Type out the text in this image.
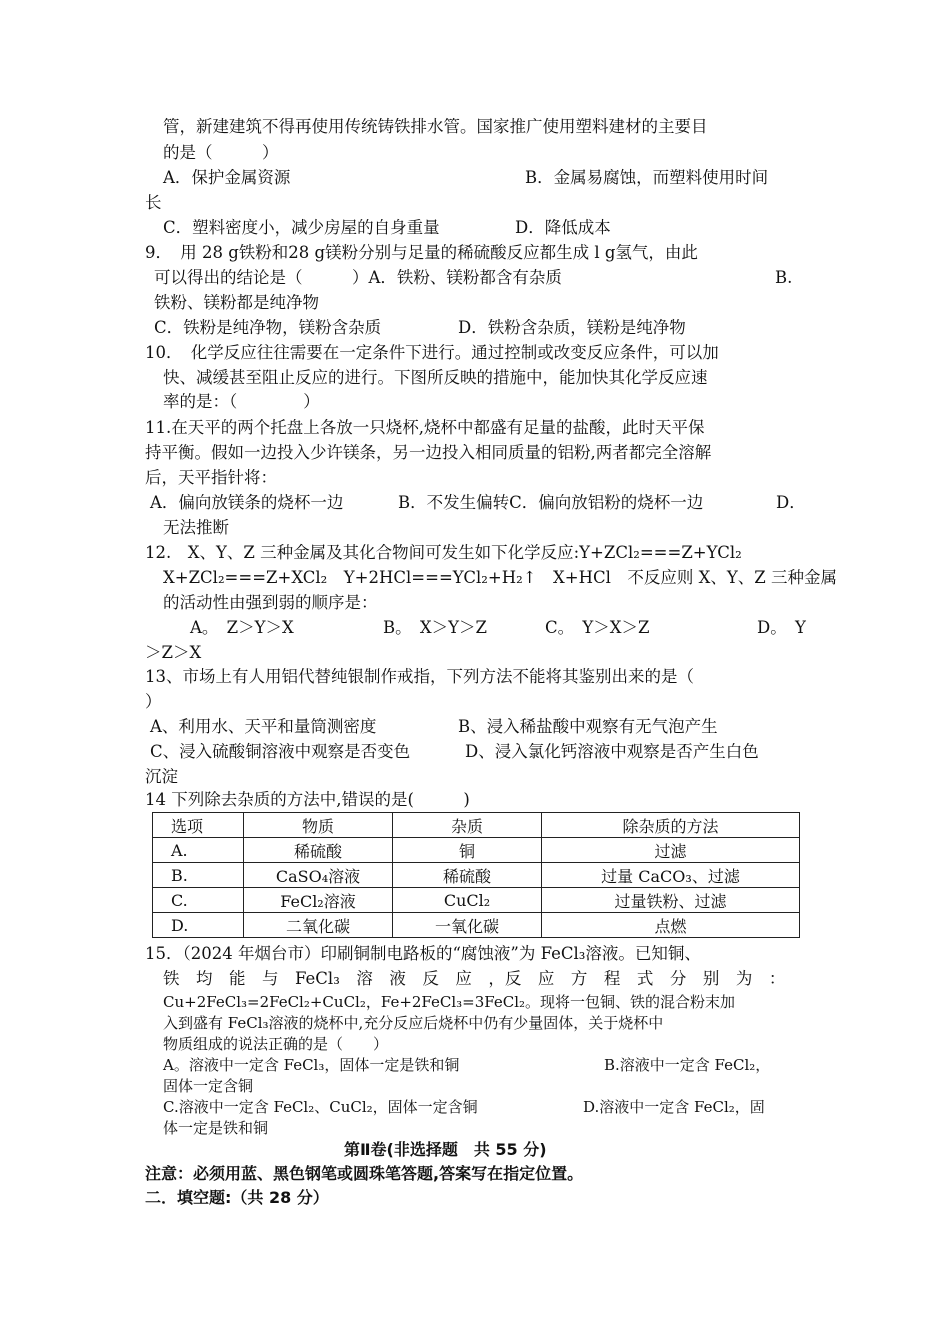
管，新建建筑不得再使用传统铸铁排水管。国家推广使用塑料建材的主要目
的是（　　　）
A．保护金属资源	B．金属易腐蚀，而塑料使用时间
长
C．塑料密度小，减少房屋的自身重量	D．降低成本
9．　用 28 g铁粉和28 g镁粉分别与足量的稀硫酸反应都生成 l g氢气，由此
可以得出的结论是（　　　）A．铁粉、镁粉都含有杂质	B.
铁粉、镁粉都是纯净物
C．铁粉是纯净物，镁粉含杂质	D．铁粉含杂质，镁粉是纯净物
10．　化学反应往往需要在一定条件下进行。通过控制或改变反应条件，可以加
快、减缓甚至阻止反应的进行。下图所反映的措施中，能加快其化学反应速
率的是：（　　　　）
11.在天平的两个托盘上各放一只烧杯,烧杯中都盛有足量的盐酸，此时天平保
持平衡。假如一边投入少许镁条，另一边投入相同质量的铝粉,两者都完全溶解
后，天平指针将：
A．偏向放镁条的烧杯一边	B．不发生偏转C．偏向放铝粉的烧杯一边	D．
无法推断
12.　X、Y、Z 三种金属及其化合物间可发生如下化学反应:Y+ZCl₂===Z+YCl₂
X+ZCl₂===Z+XCl₂　Y+2HCl===YCl₂+H₂↑　X+HCl　不反应则 X、Y、Z 三种金属
的活动性由强到弱的顺序是：
A。　Z＞Y＞X	B。　X＞Y＞Z	C。　Y＞X＞Z	D。　Y
＞Z＞X
13、市场上有人用铝代替纯银制作戒指，下列方法不能将其鉴别出来的是（
）
A、利用水、天平和量筒测密度	B、浸入稀盐酸中观察有无气泡产生
C、浸入硫酸铜溶液中观察是否变色	D、浸入氯化钙溶液中观察是否产生白色
沉淀
14 下列除去杂质的方法中,错误的是(　　　)
选项	物质	杂质	除杂质的方法
A.	稀硫酸	铜	过滤
B.	CaSO₄溶液	稀硫酸	过量 CaCO₃、过滤
C.	FeCl₂溶液	CuCl₂	过量铁粉、过滤
D.	二氧化碳	一氧化碳	点燃
15．（2024 年烟台市）印刷铜制电路板的“腐蚀液”为 FeCl₃溶液。已知铜、
铁　均　能　与　FeCl₃　溶　液　反　应　，反　应　方　程　式　分　别　为　：
Cu+2FeCl₃=2FeCl₂+CuCl₂，Fe+2FeCl₃=3FeCl₂。现将一包铜、铁的混合粉末加
入到盛有 FeCl₃溶液的烧杯中,充分反应后烧杯中仍有少量固体，关于烧杯中
物质组成的说法正确的是（　　）
A。溶液中一定含 FeCl₃，固体一定是铁和铜	B.溶液中一定含 FeCl₂，
固体一定含铜
C.溶液中一定含 FeCl₂、CuCl₂，固体一定含铜	D.溶液中一定含 FeCl₂，固
体一定是铁和铜
第Ⅱ卷(非选择题　共 55 分)
注意：必须用蓝、黑色钢笔或圆珠笔答题,答案写在指定位置。
二．填空题:（共 28 分）
